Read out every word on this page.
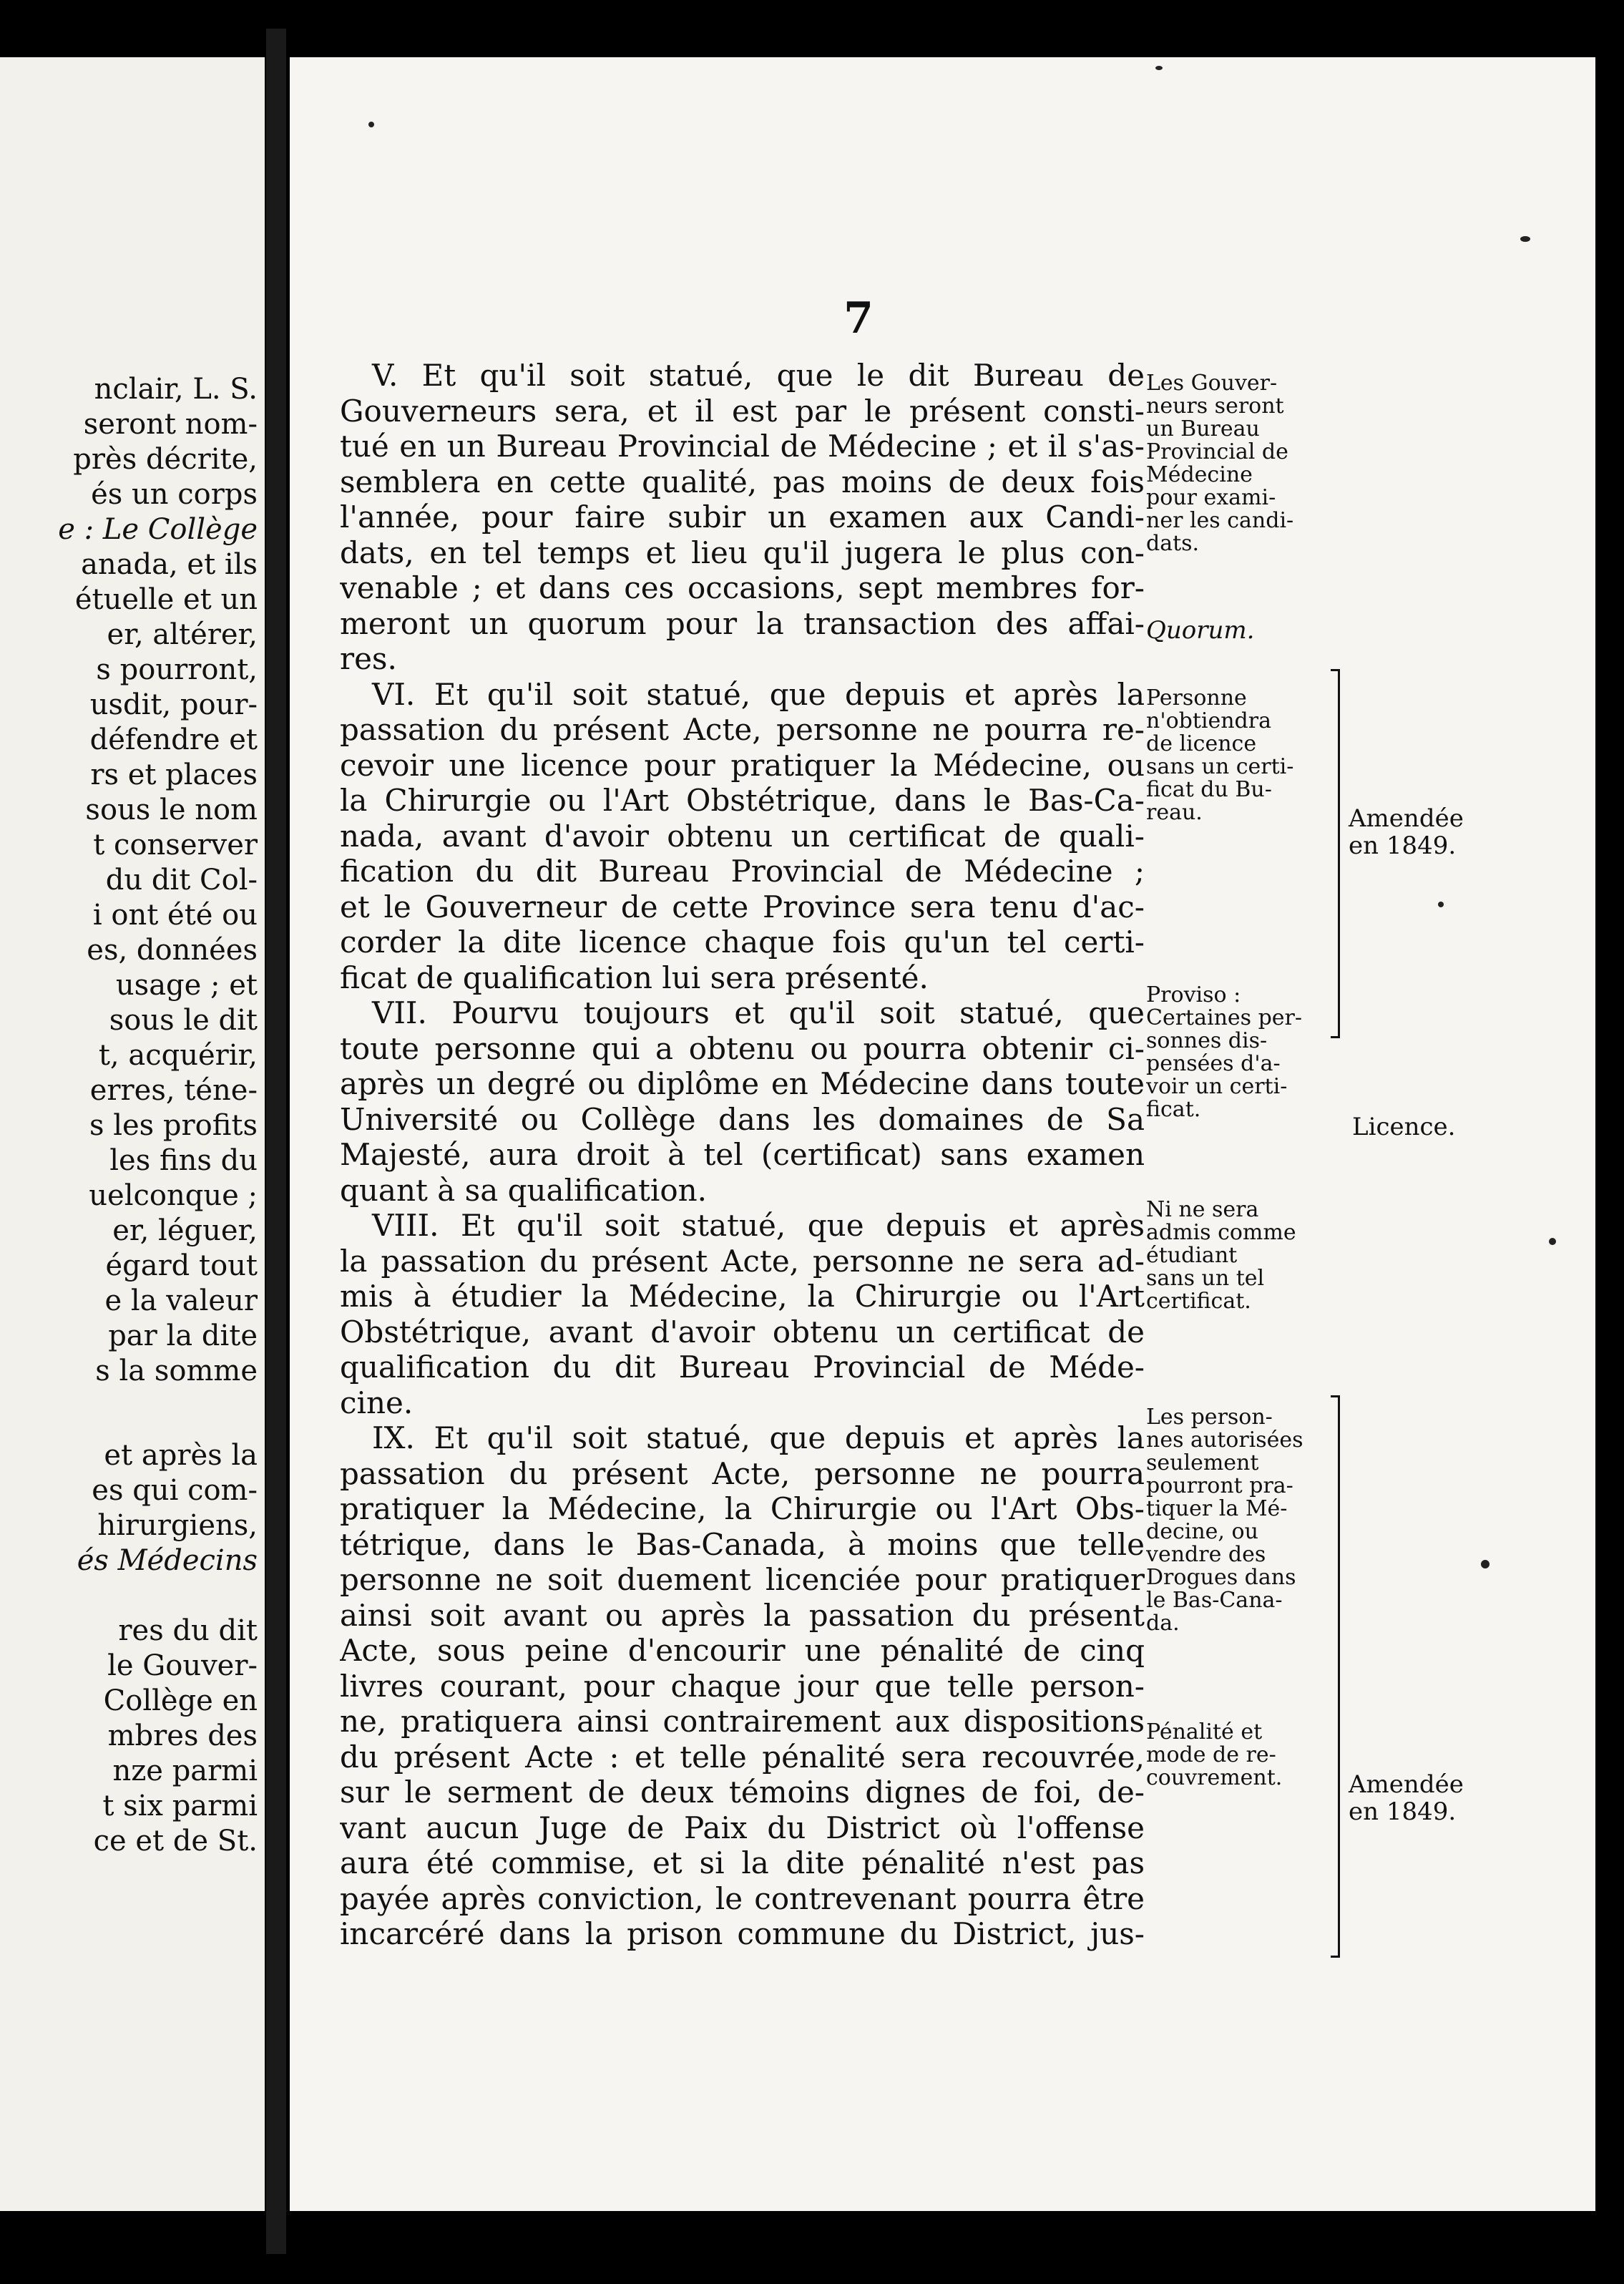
nclair, L. S.
seront nom-
près décrite,
és un corps
e : Le Collège
anada, et ils
étuelle et un
er, altérer,
s pourront,
usdit, pour-
défendre et
rs et places
sous le nom
t conserver
du dit Col-
i ont été ou
es, données
usage ; et
sous le dit
t, acquérir,
erres, téne-
s les profits
les fins du
uelconque ;
er, léguer,
égard tout
e la valeur
par la dite
s la somme
et après la
es qui com-
hirurgiens,
és Médecins
res du dit
le Gouver-
Collège en
mbres des
nze parmi
t six parmi
ce et de St.
7
V. Et qu'il soit statué, que le dit Bureau de
Gouverneurs sera, et il est par le présent consti-
tué en un Bureau Provincial de Médecine ; et il s'as-
semblera en cette qualité, pas moins de deux fois
l'année, pour faire subir un examen aux Candi-
dats, en tel temps et lieu qu'il jugera le plus con-
venable ; et dans ces occasions, sept membres for-
meront un quorum pour la transaction des affai-
res.
VI. Et qu'il soit statué, que depuis et après la
passation du présent Acte, personne ne pourra re-
cevoir une licence pour pratiquer la Médecine, ou
la Chirurgie ou l'Art Obstétrique, dans le Bas-Ca-
nada, avant d'avoir obtenu un certificat de quali-
fication du dit Bureau Provincial de Médecine ;
et le Gouverneur de cette Province sera tenu d'ac-
corder la dite licence chaque fois qu'un tel certi-
ficat de qualification lui sera présenté.
VII. Pourvu toujours et qu'il soit statué, que
toute personne qui a obtenu ou pourra obtenir ci-
après un degré ou diplôme en Médecine dans toute
Université ou Collège dans les domaines de Sa
Majesté, aura droit à tel (certificat) sans examen
quant à sa qualification.
VIII. Et qu'il soit statué, que depuis et après
la passation du présent Acte, personne ne sera ad-
mis à étudier la Médecine, la Chirurgie ou l'Art
Obstétrique, avant d'avoir obtenu un certificat de
qualification du dit Bureau Provincial de Méde-
cine.
IX. Et qu'il soit statué, que depuis et après la
passation du présent Acte, personne ne pourra
pratiquer la Médecine, la Chirurgie ou l'Art Obs-
tétrique, dans le Bas-Canada, à moins que telle
personne ne soit duement licenciée pour pratiquer
ainsi soit avant ou après la passation du présent
Acte, sous peine d'encourir une pénalité de cinq
livres courant, pour chaque jour que telle person-
ne, pratiquera ainsi contrairement aux dispositions
du présent Acte : et telle pénalité sera recouvrée,
sur le serment de deux témoins dignes de foi, de-
vant aucun Juge de Paix du District où l'offense
aura été commise, et si la dite pénalité n'est pas
payée après conviction, le contrevenant pourra être
incarcéré dans la prison commune du District, jus-
Les Gouver-
neurs seront
un Bureau
Provincial de
Médecine
pour exami-
ner les candi-
dats.
Quorum.
Personne
n'obtiendra
de licence
sans un certi-
ficat du Bu-
reau.
Proviso :
Certaines per-
sonnes dis-
pensées d'a-
voir un certi-
ficat.
Ni ne sera
admis comme
étudiant
sans un tel
certificat.
Les person-
nes autorisées
seulement
pourront pra-
tiquer la Mé-
decine, ou
vendre des
Drogues dans
le Bas-Cana-
da.
Pénalité et
mode de re-
couvrement.
Amendée
en 1849.
Licence.
Amendée
en 1849.
